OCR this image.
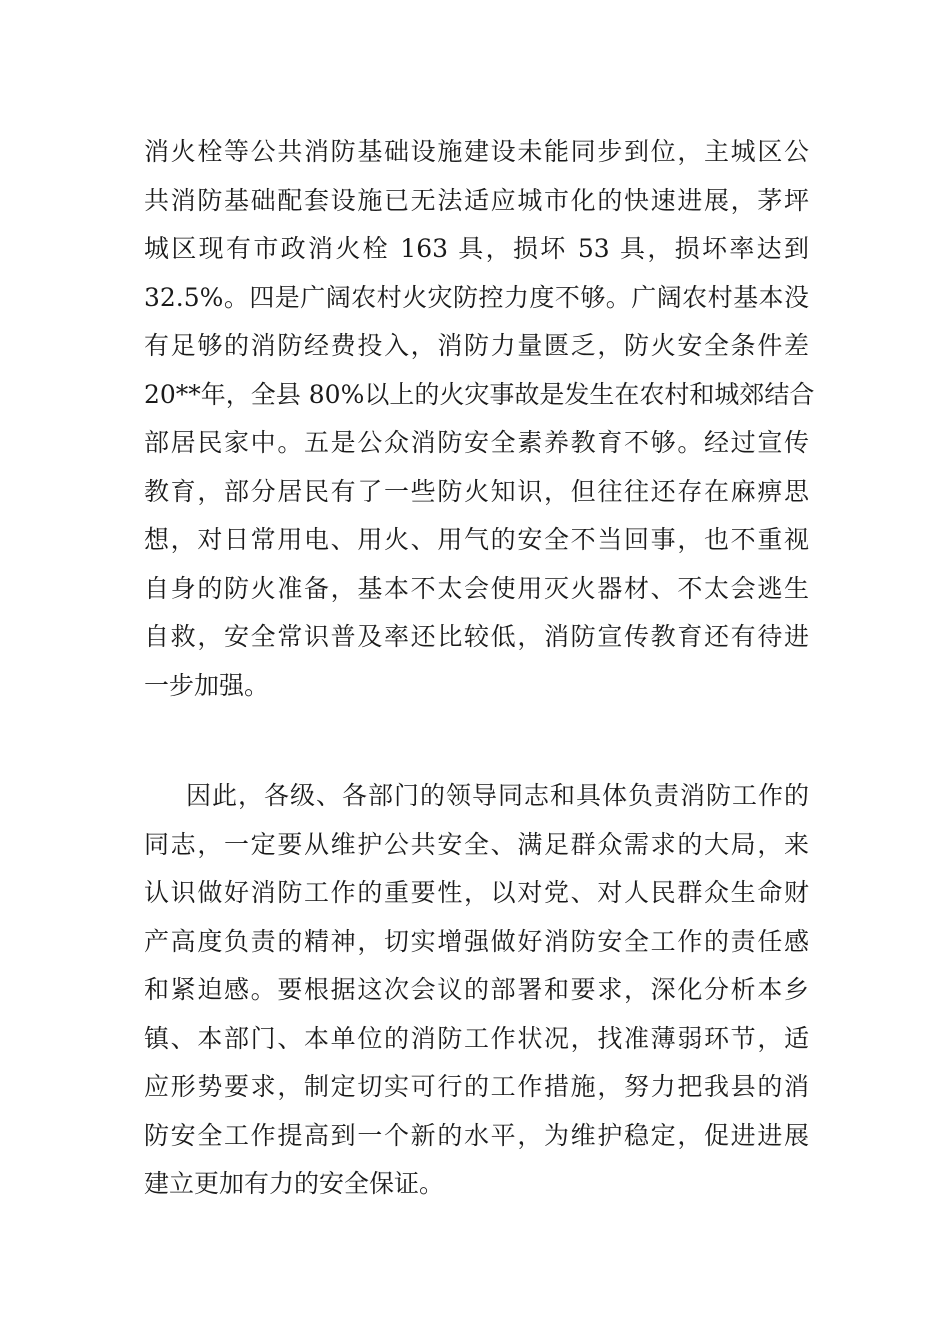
消火栓等公共消防基础设施建设未能同步到位，主城区公
共消防基础配套设施已无法适应城市化的快速进展，茅坪
城区现有市政消火栓 163 具，损坏 53 具，损坏率达到
32.5%。四是广阔农村火灾防控力度不够。广阔农村基本没
有足够的消防经费投入，消防力量匮乏，防火安全条件差
20**年，全县 80%以上的火灾事故是发生在农村和城郊结合
部居民家中。五是公众消防安全素养教育不够。经过宣传
教育，部分居民有了一些防火知识，但往往还存在麻痹思
想，对日常用电、用火、用气的安全不当回事，也不重视
自身的防火准备，基本不太会使用灭火器材、不太会逃生
自救，安全常识普及率还比较低，消防宣传教育还有待进
一步加强。
因此，各级、各部门的领导同志和具体负责消防工作的
同志，一定要从维护公共安全、满足群众需求的大局，来
认识做好消防工作的重要性，以对党、对人民群众生命财
产高度负责的精神，切实增强做好消防安全工作的责任感
和紧迫感。要根据这次会议的部署和要求，深化分析本乡
镇、本部门、本单位的消防工作状况，找准薄弱环节，适
应形势要求，制定切实可行的工作措施，努力把我县的消
防安全工作提高到一个新的水平，为维护稳定，促进进展
建立更加有力的安全保证。
